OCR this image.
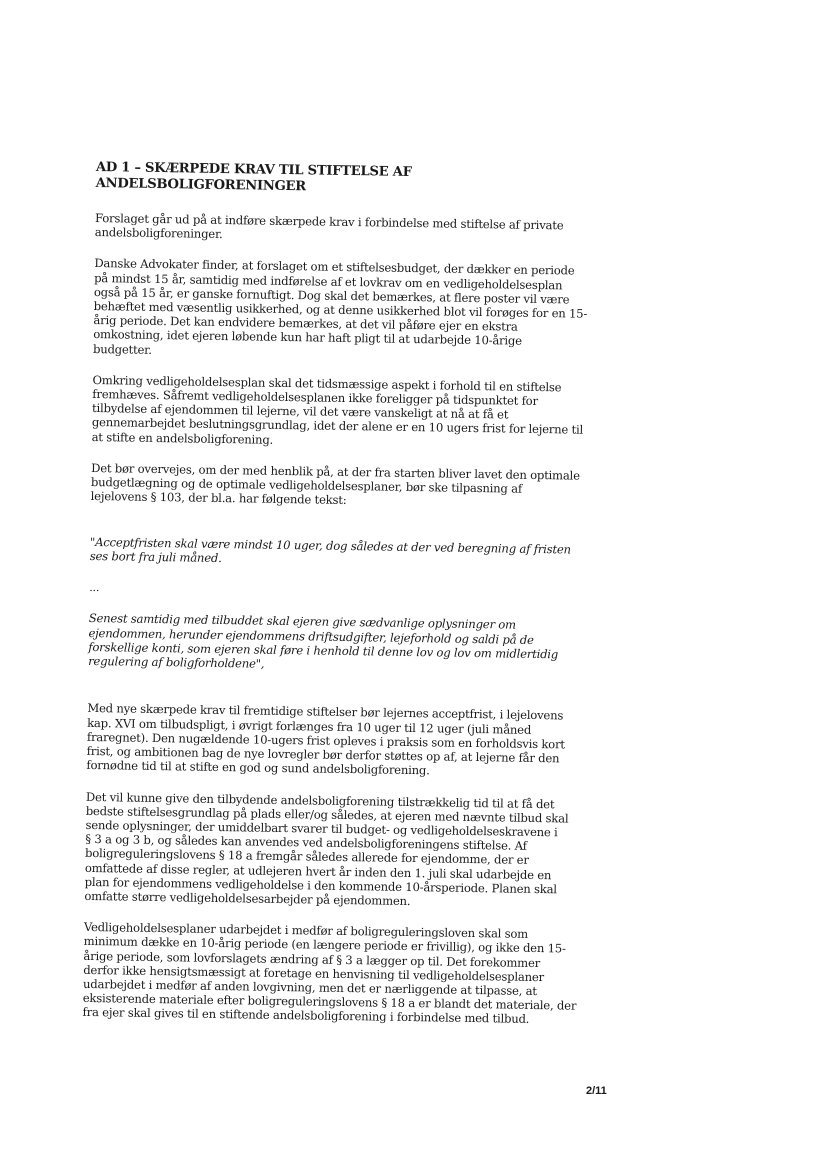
AD 1 – SKÆRPEDE KRAV TIL STIFTELSE AF
ANDELSBOLIGFORENINGER

Forslaget går ud på at indføre skærpede krav i forbindelse med stiftelse af private
andelsboligforeninger.

Danske Advokater finder, at forslaget om et stiftelsesbudget, der dækker en periode
på mindst 15 år, samtidig med indførelse af et lovkrav om en vedligeholdelsesplan
også på 15 år, er ganske fornuftigt. Dog skal det bemærkes, at flere poster vil være
behæftet med væsentlig usikkerhed, og at denne usikkerhed blot vil forøges for en 15-
årig periode. Det kan endvidere bemærkes, at det vil påføre ejer en ekstra
omkostning, idet ejeren løbende kun har haft pligt til at udarbejde 10-årige
budgetter.

Omkring vedligeholdelsesplan skal det tidsmæssige aspekt i forhold til en stiftelse
fremhæves. Såfremt vedligeholdelsesplanen ikke foreligger på tidspunktet for
tilbydelse af ejendommen til lejerne, vil det være vanskeligt at nå at få et
gennemarbejdet beslutningsgrundlag, idet der alene er en 10 ugers frist for lejerne til
at stifte en andelsboligforening.

Det bør overvejes, om der med henblik på, at der fra starten bliver lavet den optimale
budgetlægning og de optimale vedligeholdelsesplaner, bør ske tilpasning af
lejelovens § 103, der bl.a. har følgende tekst:

"Acceptfristen skal være mindst 10 uger, dog således at der ved beregning af fristen
ses bort fra juli måned.

...

Senest samtidig med tilbuddet skal ejeren give sædvanlige oplysninger om
ejendommen, herunder ejendommens driftsudgifter, lejeforhold og saldi på de
forskellige konti, som ejeren skal føre i henhold til denne lov og lov om midlertidig
regulering af boligforholdene",

Med nye skærpede krav til fremtidige stiftelser bør lejernes acceptfrist, i lejelovens
kap. XVI om tilbudspligt, i øvrigt forlænges fra 10 uger til 12 uger (juli måned
fraregnet). Den nugældende 10-ugers frist opleves i praksis som en forholdsvis kort
frist, og ambitionen bag de nye lovregler bør derfor støttes op af, at lejerne får den
fornødne tid til at stifte en god og sund andelsboligforening.

Det vil kunne give den tilbydende andelsboligforening tilstrækkelig tid til at få det
bedste stiftelsesgrundlag på plads eller/og således, at ejeren med nævnte tilbud skal
sende oplysninger, der umiddelbart svarer til budget- og vedligeholdelseskravene i
§ 3 a og 3 b, og således kan anvendes ved andelsboligforeningens stiftelse. Af
boligreguleringslovens § 18 a fremgår således allerede for ejendomme, der er
omfattede af disse regler, at udlejeren hvert år inden den 1. juli skal udarbejde en
plan for ejendommens vedligeholdelse i den kommende 10-årsperiode. Planen skal
omfatte større vedligeholdelsesarbejder på ejendommen.

Vedligeholdelsesplaner udarbejdet i medfør af boligreguleringsloven skal som
minimum dække en 10-årig periode (en længere periode er frivillig), og ikke den 15-
årige periode, som lovforslagets ændring af § 3 a lægger op til. Det forekommer
derfor ikke hensigtsmæssigt at foretage en henvisning til vedligeholdelsesplaner
udarbejdet i medfør af anden lovgivning, men det er nærliggende at tilpasse, at
eksisterende materiale efter boligreguleringslovens § 18 a er blandt det materiale, der
fra ejer skal gives til en stiftende andelsboligforening i forbindelse med tilbud.

2/11
